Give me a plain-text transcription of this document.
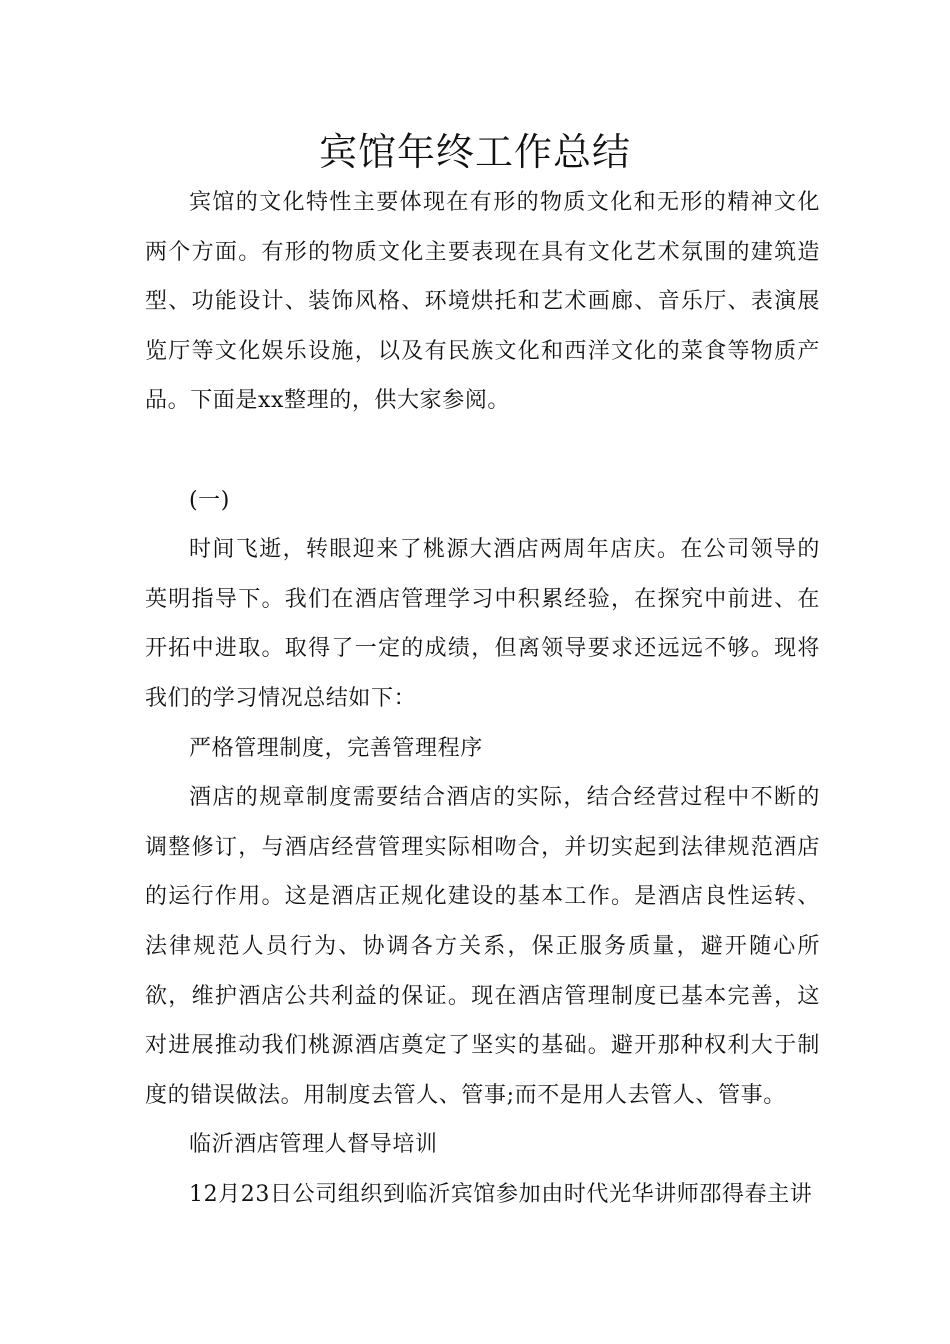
宾馆年终工作总结

宾馆的文化特性主要体现在有形的物质文化和无形的精神文化两个方面。有形的物质文化主要表现在具有文化艺术氛围的建筑造型、功能设计、装饰风格、环境烘托和艺术画廊、音乐厅、表演展览厅等文化娱乐设施，以及有民族文化和西洋文化的菜食等物质产品。下面是xx整理的，供大家参阅。

(一)

时间飞逝，转眼迎来了桃源大酒店两周年店庆。在公司领导的英明指导下。我们在酒店管理学习中积累经验，在探究中前进、在开拓中进取。取得了一定的成绩，但离领导要求还远远不够。现将我们的学习情况总结如下：

严格管理制度，完善管理程序

酒店的规章制度需要结合酒店的实际，结合经营过程中不断的调整修订，与酒店经营管理实际相吻合，并切实起到法律规范酒店的运行作用。这是酒店正规化建设的基本工作。是酒店良性运转、法律规范人员行为、协调各方关系，保正服务质量，避开随心所欲，维护酒店公共利益的保证。现在酒店管理制度已基本完善，这对进展推动我们桃源酒店奠定了坚实的基础。避开那种权利大于制度的错误做法。用制度去管人、管事;而不是用人去管人、管事。

临沂酒店管理人督导培训

12月23日公司组织到临沂宾馆参加由时代光华讲师邵得春主讲
